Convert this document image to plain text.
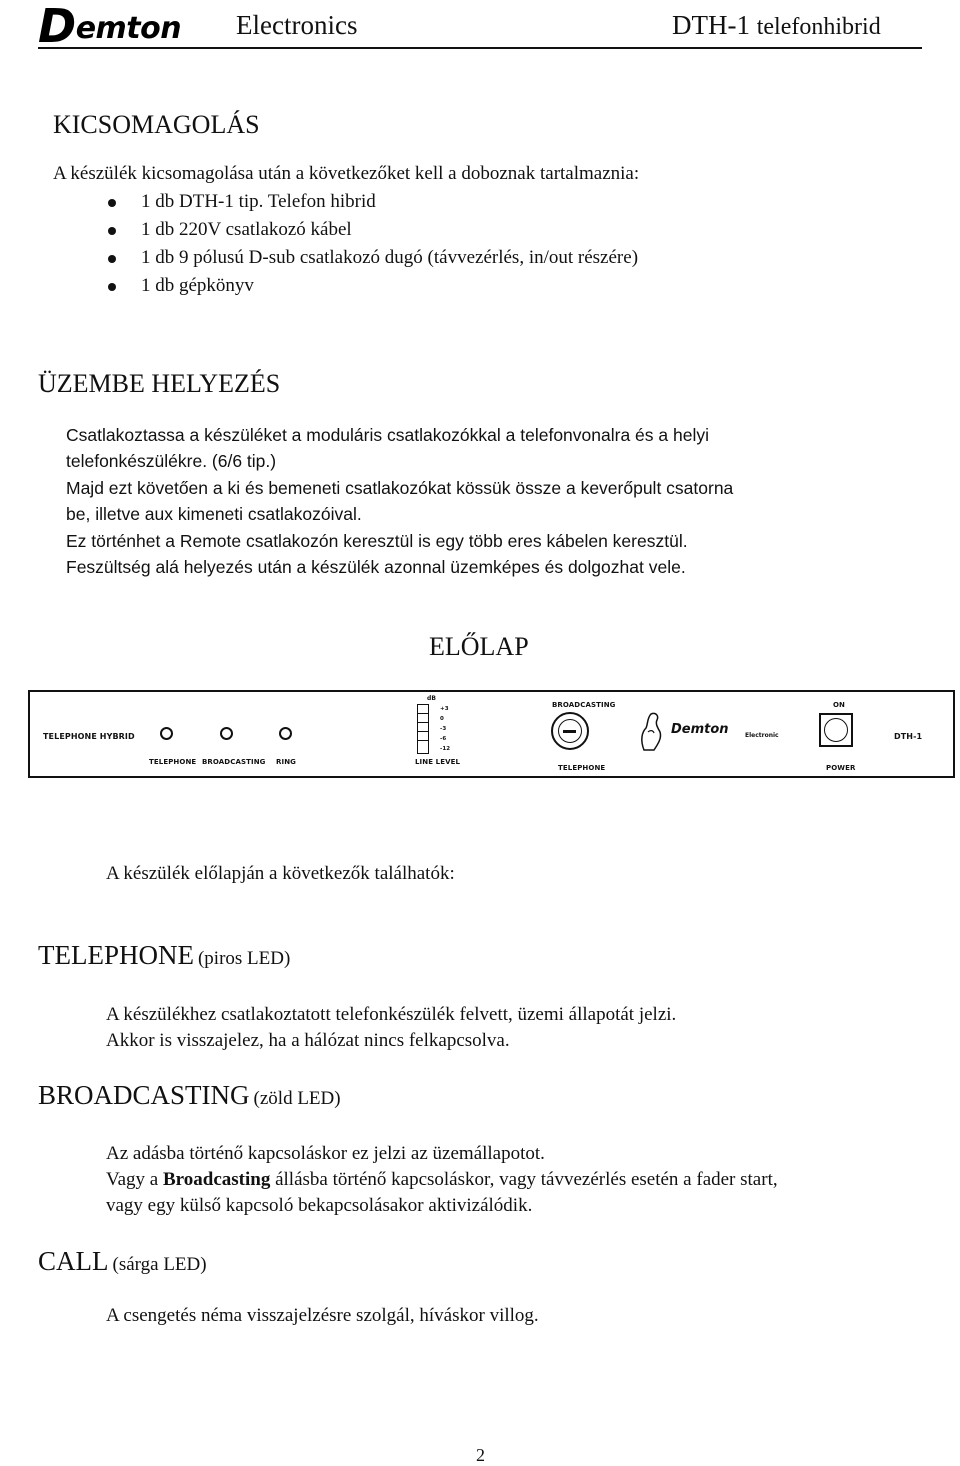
Demton Electronics	DTH-1 telefonhibrid
KICSOMAGOLÁS
A készülék kicsomagolása után a következőket kell a doboznak tartalmaznia:
1 db DTH-1 tip. Telefon hibrid
1 db 220V csatlakozó kábel
1 db 9 pólusú D-sub csatlakozó dugó (távvezérlés, in/out részére)
1 db gépkönyv
ÜZEMBE HELYEZÉS
Csatlakoztassa a készüléket a moduláris csatlakozókkal a telefonvonalra és a helyi
telefonkészülékre. (6/6 tip.)
Majd ezt követően a ki és bemeneti csatlakozókat kössük össze a keverőpult csatorna
be, illetve aux kimeneti csatlakozóival.
Ez történhet a Remote csatlakozón keresztül is egy több eres kábelen keresztül.
Feszültség alá helyezés után a készülék azonnal üzemképes és dolgozhat vele.
ELŐLAP
TELEPHONE HYBRID
TELEPHONE BROADCASTING RING
dB
+3
0
-3
-6
-12
LINE LEVEL
BROADCASTING
TELEPHONE
Demton	Electronic
ON
POWER
DTH-1
A készülék előlapján a következők találhatók:
TELEPHONE (piros LED)
A készülékhez csatlakoztatott telefonkészülék felvett, üzemi állapotát jelzi.
Akkor is visszajelez, ha a hálózat nincs felkapcsolva.
BROADCASTING (zöld LED)
Az adásba történő kapcsoláskor ez jelzi az üzemállapotot.
Vagy a Broadcasting állásba történő kapcsoláskor, vagy távvezérlés esetén a fader start,
vagy egy külső kapcsoló bekapcsolásakor aktivizálódik.
CALL (sárga LED)
A csengetés néma visszajelzésre szolgál, híváskor villog.
2
